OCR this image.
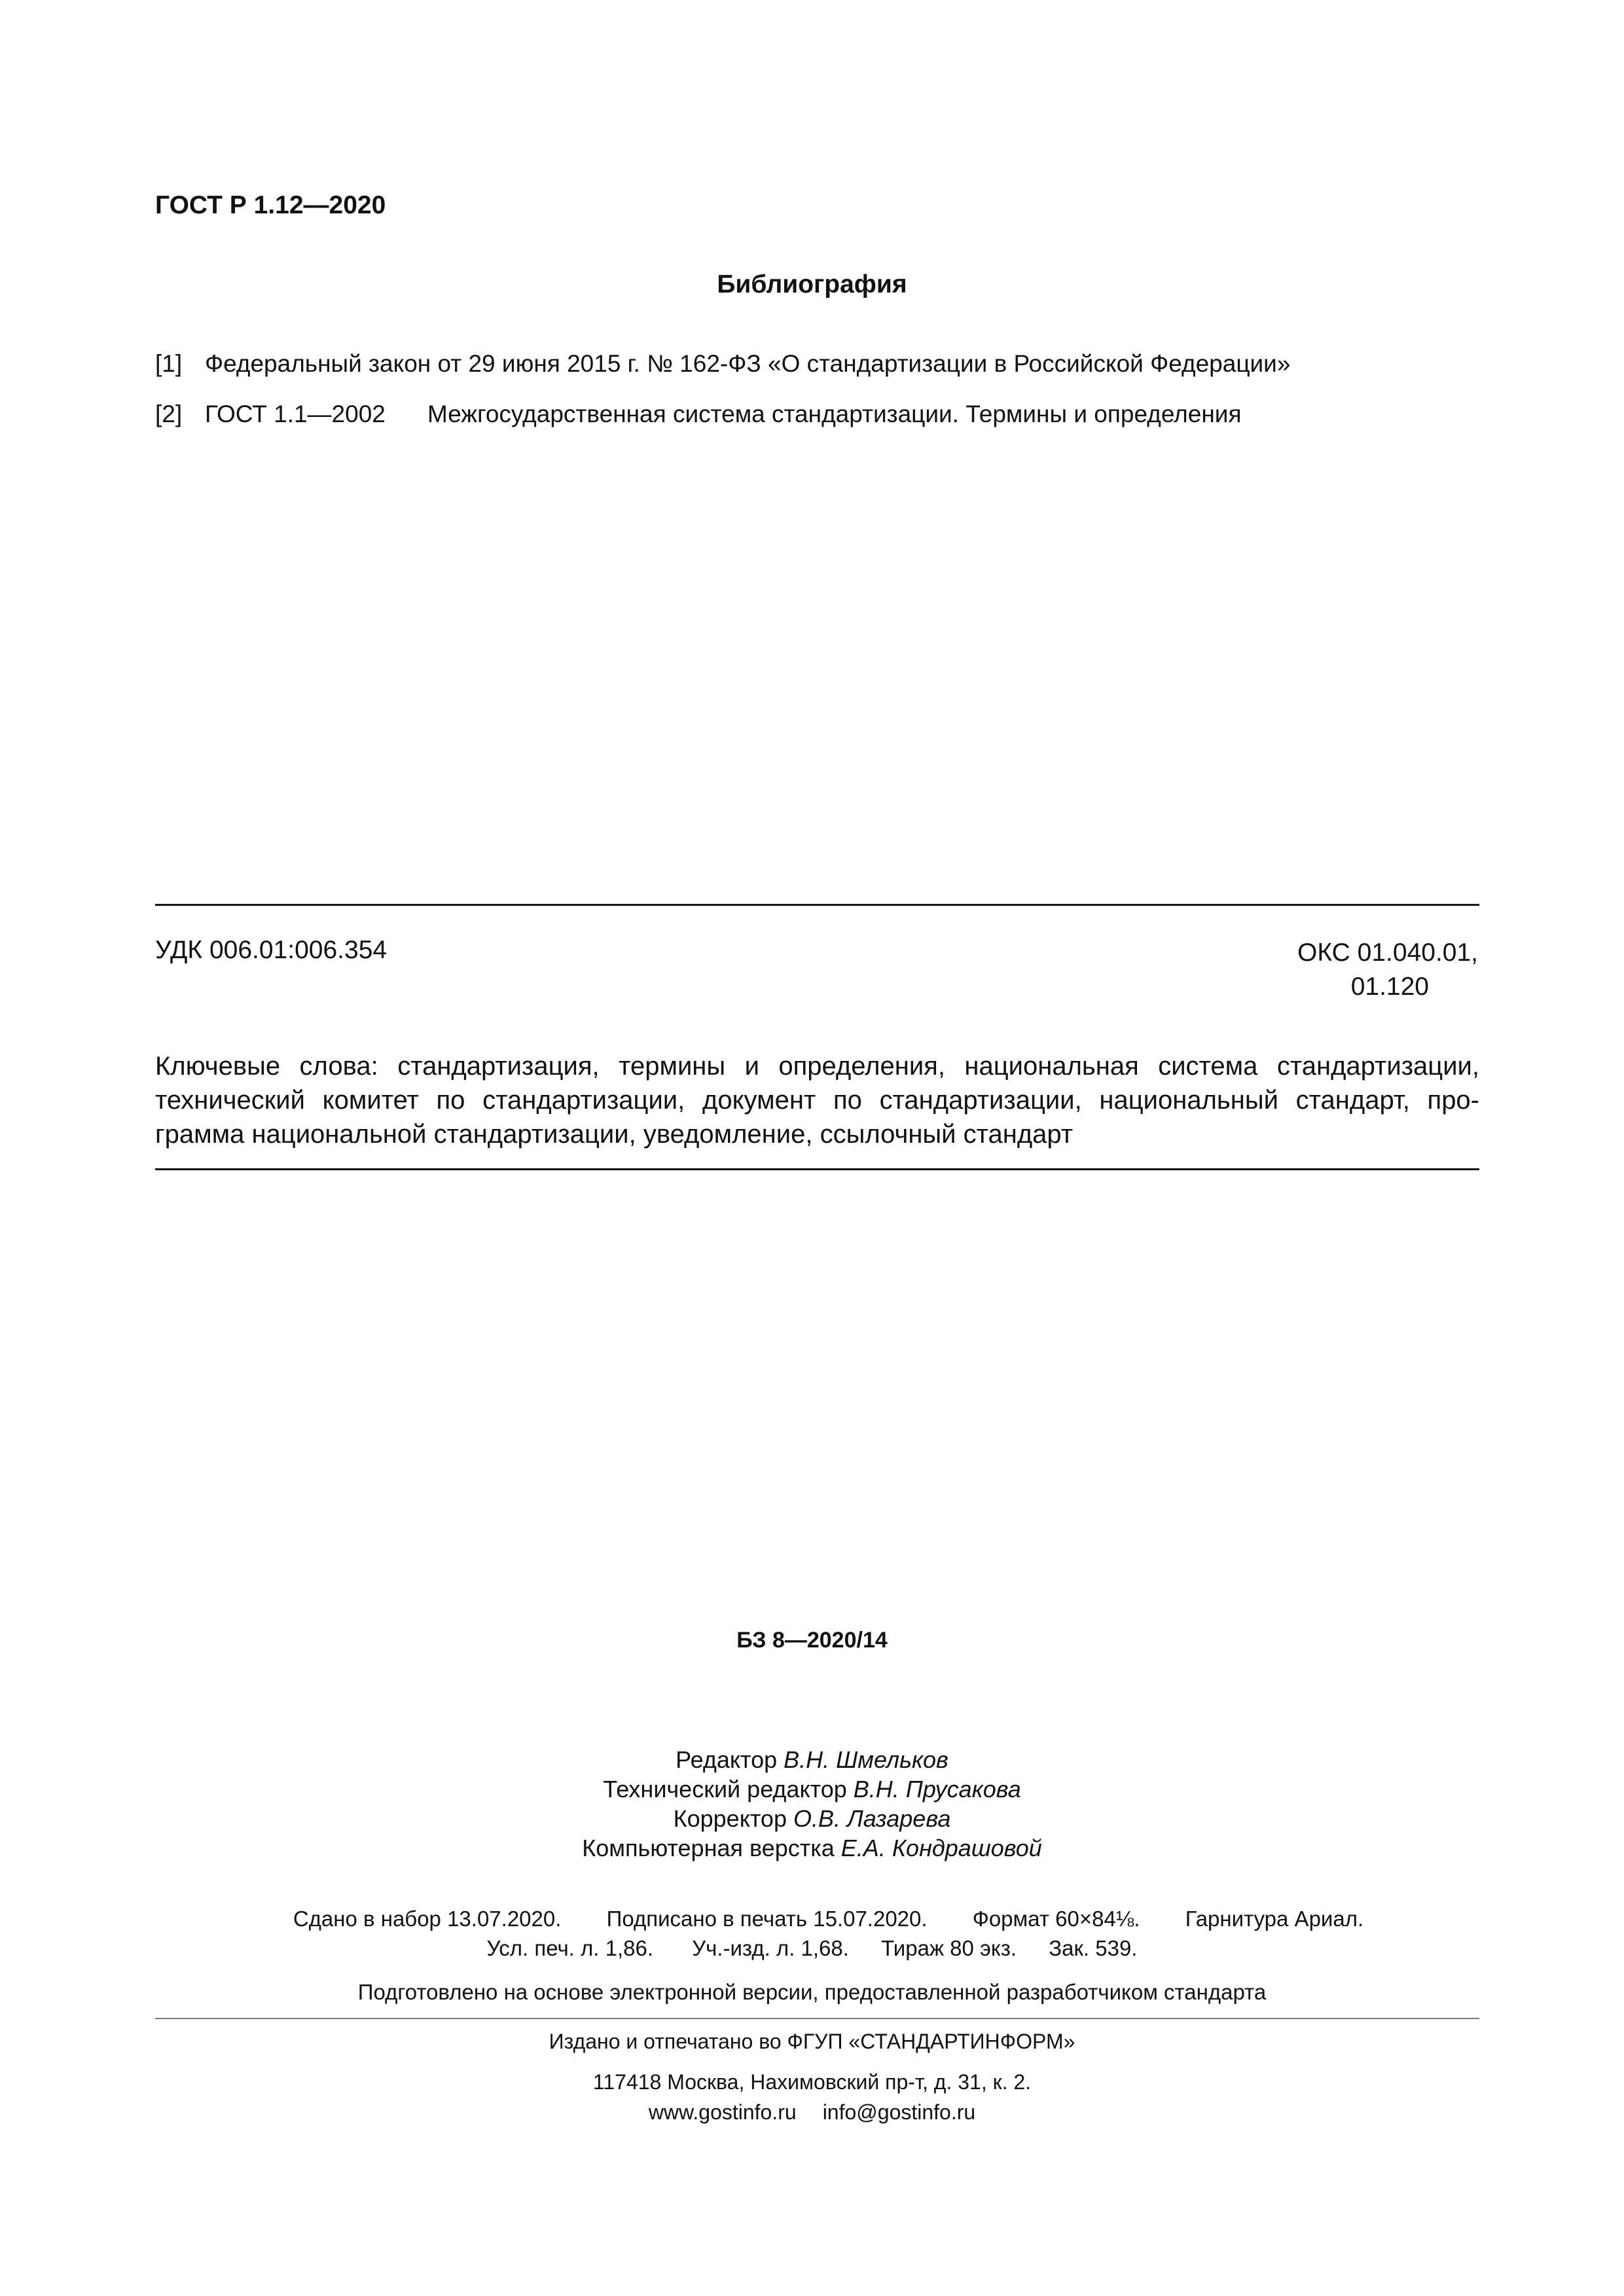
ГОСТ Р 1.12—2020
Библиография
[1] Федеральный закон от 29 июня 2015 г. № 162-ФЗ «О стандартизации в Российской Федерации»
[2] ГОСТ 1.1—2002 Межгосударственная система стандартизации. Термины и определения
УДК 006.01:006.354	ОКС 01.040.01,
01.120
Ключевые слова: стандартизация, термины и определения, национальная система стандартизации,
технический комитет по стандартизации, документ по стандартизации, национальный стандарт, про-
грамма национальной стандартизации, уведомление, ссылочный стандарт
БЗ 8—2020/14
Редактор В.Н. Шмельков
Технический редактор В.Н. Прусакова
Корректор О.В. Лазарева
Компьютерная верстка Е.А. Кондрашовой
Сдано в набор 13.07.2020. Подписано в печать 15.07.2020. Формат 60×84⅛. Гарнитура Ариал.
Усл. печ. л. 1,86. Уч.-изд. л. 1,68. Тираж 80 экз. Зак. 539.
Подготовлено на основе электронной версии, предоставленной разработчиком стандарта
Издано и отпечатано во ФГУП «СТАНДАРТИНФОРМ»
117418 Москва, Нахимовский пр-т, д. 31, к. 2.
www.gostinfo.ru info@gostinfo.ru
